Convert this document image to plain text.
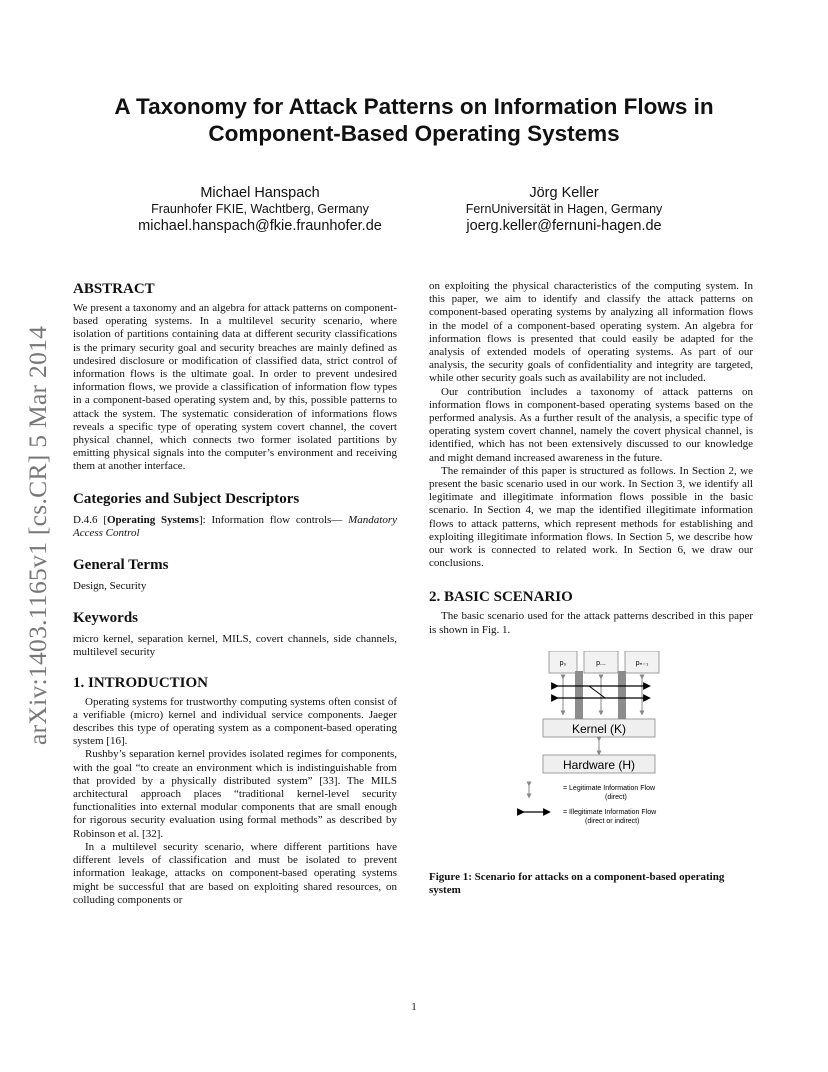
arXiv:1403.1165v1 [cs.CR] 5 Mar 2014
A Taxonomy for Attack Patterns on Information Flows in
Component-Based Operating Systems
Michael Hanspach
Fraunhofer FKIE, Wachtberg, Germany
michael.hanspach@fkie.fraunhofer.de
Jörg Keller
FernUniversität in Hagen, Germany
joerg.keller@fernuni-hagen.de
ABSTRACT

We present a taxonomy and an algebra for attack patterns on component-based operating systems. In a multilevel security scenario, where isolation of partitions containing data at different security classifications is the primary security goal and security breaches are mainly defined as undesired disclosure or modification of classified data, strict control of information flows is the ultimate goal. In order to prevent undesired information flows, we provide a classification of information flow types in a component-based operating system and, by this, possible patterns to attack the system. The systematic consideration of informations flows reveals a specific type of operating system covert channel, the covert physical channel, which connects two former isolated partitions by emitting physical signals into the computer’s environment and receiving them at another interface.

Categories and Subject Descriptors

D.4.6 [Operating Systems]: Information flow controls— Mandatory Access Control

General Terms

Design, Security

Keywords

micro kernel, separation kernel, MILS, covert channels, side channels, multilevel security

1. INTRODUCTION

Operating systems for trustworthy computing systems often consist of a verifiable (micro) kernel and individual service components. Jaeger describes this type of operating system as a component-based operating system [16].

Rushby’s separation kernel provides isolated regimes for components, with the goal “to create an environment which is indistinguishable from that provided by a physically distributed system” [33]. The MILS architectural approach places “traditional kernel-level security functionalities into external modular components that are small enough for rigorous security evaluation using formal methods” as described by Robinson et al. [32].

In a multilevel security scenario, where different partitions have different levels of classification and must be isolated to prevent information leakage, attacks on component-based operating systems might be successful that are based on exploiting shared resources, on colluding components or

on exploiting the physical characteristics of the computing system. In this paper, we aim to identify and classify the attack patterns on component-based operating systems by analyzing all information flows in the model of a component-based operating system. An algebra for information flows is presented that could easily be adapted for the analysis of extended models of operating systems. As part of our analysis, the security goals of confidentiality and integrity are targeted, while other security goals such as availability are not included.

Our contribution includes a taxonomy of attack patterns on information flows in component-based operating systems based on the performed analysis. As a further result of the analysis, a specific type of operating system covert channel, namely the covert physical channel, is identified, which has not been extensively discussed to our knowledge and might demand increased awareness in the future.

The remainder of this paper is structured as follows. In Section 2, we present the basic scenario used in our work. In Section 3, we identify all legitimate and illegitimate information flows possible in the basic scenario. In Section 4, we map the identified illegitimate information flows to attack patterns, which represent methods for establishing and exploiting illegitimate information flows. In Section 5, we describe how our work is connected to related work. In Section 6, we draw our conclusions.

2. BASIC SCENARIO

The basic scenario used for the attack patterns described in this paper is shown in Fig. 1.

p₀	p...	pₙ₋₁
Kernel (K)
Hardware (H)
= Legitimate Information Flow
(direct)
= Illegitimate Information Flow
(direct or indirect)
Figure 1: Scenario for attacks on a component-based operating system
1
